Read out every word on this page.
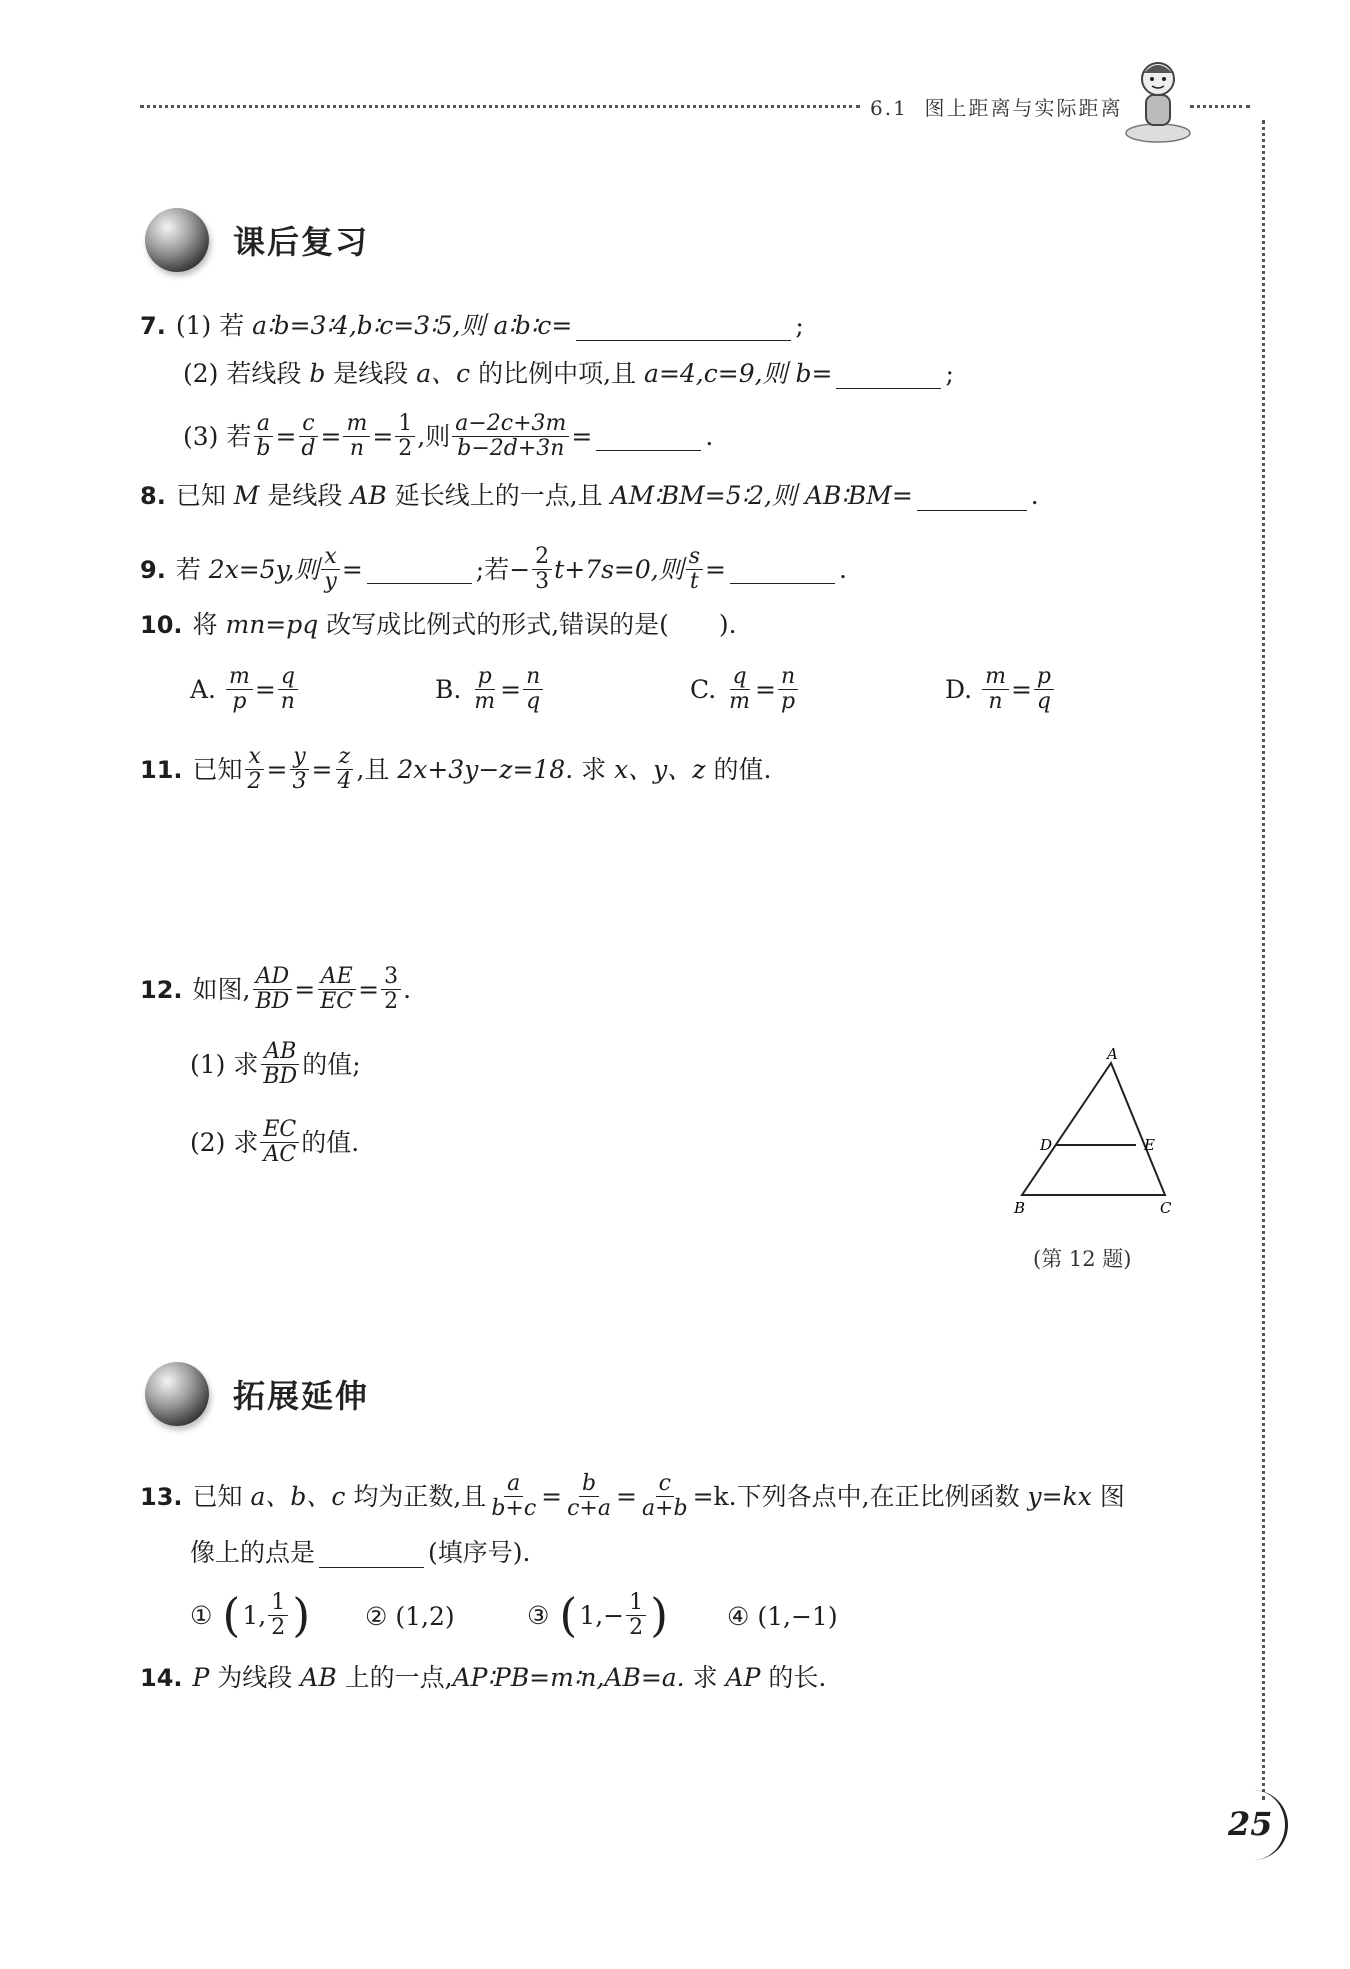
6.1 图上距离与实际距离
课后复习
7. (1) 若
a∶b=3∶4,b∶c=3∶5,则 a∶b∶c=	;
(2) 若线段
b
是线段
a、c
的比例中项,且
a=4,c=9,则 b=	;
(3) 若 $\frac{a}{b} = \frac{c}{d} = \frac{m}{n} = \frac{1}{2}$ ,则 $\frac{a-2c+3m}{b-2d+3n}$ =	.
8. 已知
M
是线段
AB
延长线上的一点,且
AM∶BM=5∶2,则 AB∶BM=	.
9. 若
2x=5y,则 $\frac{x}{y}$ =	;若− $\frac{2}{3} t+7s=0$,则 $\frac{s}{t}$ =	.
10. 将
mn=pq
改写成比例式的形式,错误的是( ).
A.
$\frac{m}{p} = \frac{q}{n}$	B.
$\frac{p}{m} = \frac{n}{q}$	C.
$\frac{q}{m} = \frac{n}{p}$	D.
$\frac{m}{n} = \frac{p}{q}$
11. 已知 $\frac{x}{2} = \frac{y}{3} = \frac{z}{4}$ ,且
2x+3y−z=18.
求
x、y、z
的值.
12. 如图, $\frac{AD}{BD} = \frac{AE}{EC} = \frac{3}{2}$ .
(1) 求 $\frac{AB}{BD}$ 的值;
(2) 求 $\frac{EC}{AC}$ 的值.
A
D	E
B	C
(第 12 题)
拓展延伸
13. 已知
a、b、c
均为正数,且 $\frac{a}{b+c} = \frac{b}{c+a} = \frac{c}{a+b} =k$.下列各点中,在正比例函数
y=kx
图
像上的点是	(填序号).
①
( 1, $\frac{1}{2}$ ) ②
(1,2)	③
( $1,- \frac{1}{2}$ ) ④
(1,−1)
14. P
为线段
AB
上的一点, AP∶PB=m∶n,AB=a.
求
AP
的长.
25
